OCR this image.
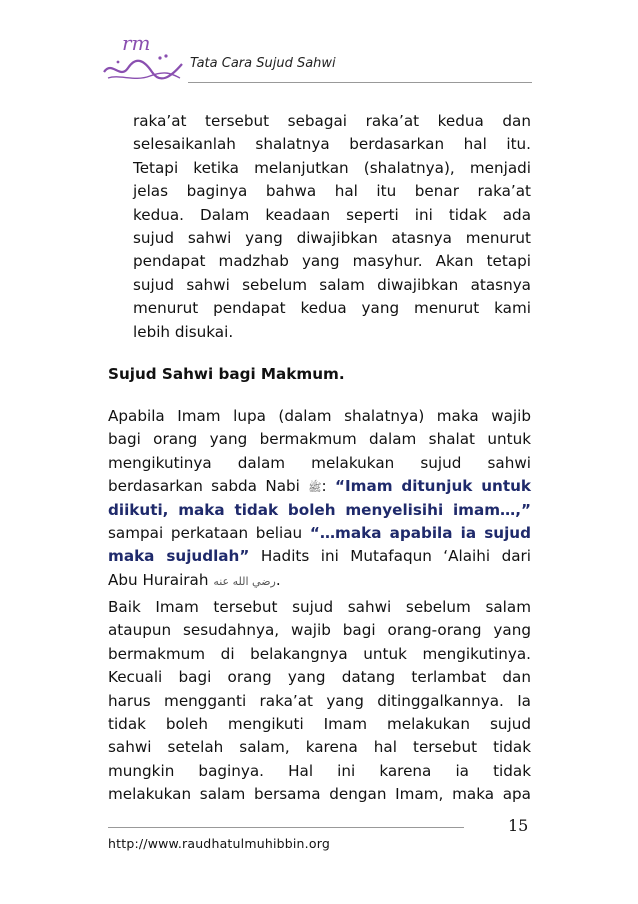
rm
Tata Cara Sujud Sahwi
raka’at tersebut sebagai raka’at kedua dan
selesaikanlah shalatnya berdasarkan hal itu.
Tetapi ketika melanjutkan (shalatnya), menjadi
jelas baginya bahwa hal itu benar raka’at
kedua. Dalam keadaan seperti ini tidak ada
sujud sahwi yang diwajibkan atasnya menurut
pendapat madzhab yang masyhur. Akan tetapi
sujud sahwi sebelum salam diwajibkan atasnya
menurut pendapat kedua yang menurut kami
lebih disukai.
Sujud Sahwi bagi Makmum.
Apabila Imam lupa (dalam shalatnya) maka wajib
bagi orang yang bermakmum dalam shalat untuk
mengikutinya dalam melakukan sujud sahwi
berdasarkan sabda Nabi ﷺ: “Imam ditunjuk untuk
diikuti, maka tidak boleh menyelisihi imam…,”
sampai perkataan beliau “…maka apabila ia sujud
maka sujudlah” Hadits ini Mutafaqun ‘Alaihi dari
Abu Hurairah رضي الله عنه.
Baik Imam tersebut sujud sahwi sebelum salam
ataupun sesudahnya, wajib bagi orang-orang yang
bermakmum di belakangnya untuk mengikutinya.
Kecuali bagi orang yang datang terlambat dan
harus mengganti raka’at yang ditinggalkannya. Ia
tidak boleh mengikuti Imam melakukan sujud
sahwi setelah salam, karena hal tersebut tidak
mungkin baginya. Hal ini karena ia tidak
melakukan salam bersama dengan Imam, maka apa
15
http://www.raudhatulmuhibbin.org
